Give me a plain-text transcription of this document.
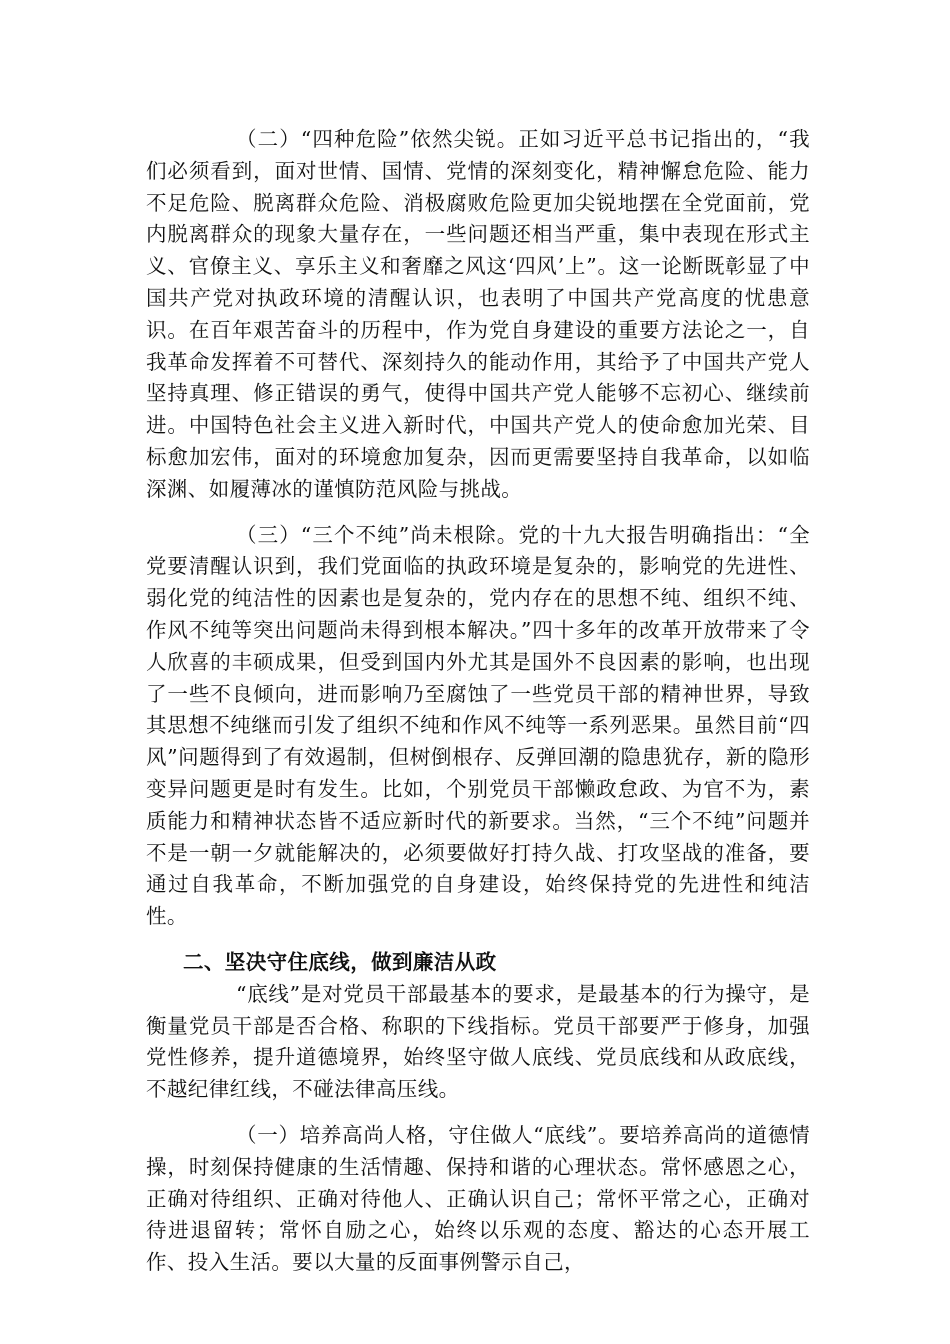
（二）“四种危险”依然尖锐。正如习近平总书记指出的，“我们必须看到，面对世情、国情、党情的深刻变化，精神懈怠危险、能力不足危险、脱离群众危险、消极腐败危险更加尖锐地摆在全党面前，党内脱离群众的现象大量存在，一些问题还相当严重，集中表现在形式主义、官僚主义、享乐主义和奢靡之风这‘四风’上”。这一论断既彰显了中国共产党对执政环境的清醒认识，也表明了中国共产党高度的忧患意识。在百年艰苦奋斗的历程中，作为党自身建设的重要方法论之一，自我革命发挥着不可替代、深刻持久的能动作用，其给予了中国共产党人坚持真理、修正错误的勇气，使得中国共产党人能够不忘初心、继续前进。中国特色社会主义进入新时代，中国共产党人的使命愈加光荣、目标愈加宏伟，面对的环境愈加复杂，因而更需要坚持自我革命，以如临深渊、如履薄冰的谨慎防范风险与挑战。

（三）“三个不纯”尚未根除。党的十九大报告明确指出：“全党要清醒认识到，我们党面临的执政环境是复杂的，影响党的先进性、弱化党的纯洁性的因素也是复杂的，党内存在的思想不纯、组织不纯、作风不纯等突出问题尚未得到根本解决。”四十多年的改革开放带来了令人欣喜的丰硕成果，但受到国内外尤其是国外不良因素的影响，也出现了一些不良倾向，进而影响乃至腐蚀了一些党员干部的精神世界，导致其思想不纯继而引发了组织不纯和作风不纯等一系列恶果。虽然目前“四风”问题得到了有效遏制，但树倒根存、反弹回潮的隐患犹存，新的隐形变异问题更是时有发生。比如，个别党员干部懒政怠政、为官不为，素质能力和精神状态皆不适应新时代的新要求。当然，“三个不纯”问题并不是一朝一夕就能解决的，必须要做好打持久战、打攻坚战的准备，要通过自我革命，不断加强党的自身建设，始终保持党的先进性和纯洁性。

二、坚决守住底线，做到廉洁从政

“底线”是对党员干部最基本的要求，是最基本的行为操守，是衡量党员干部是否合格、称职的下线指标。党员干部要严于修身，加强党性修养，提升道德境界，始终坚守做人底线、党员底线和从政底线，不越纪律红线，不碰法律高压线。

（一）培养高尚人格，守住做人“底线”。要培养高尚的道德情操，时刻保持健康的生活情趣、保持和谐的心理状态。常怀感恩之心，正确对待组织、正确对待他人、正确认识自己；常怀平常之心，正确对待进退留转；常怀自励之心，始终以乐观的态度、豁达的心态开展工作、投入生活。要以大量的反面事例警示自己，
